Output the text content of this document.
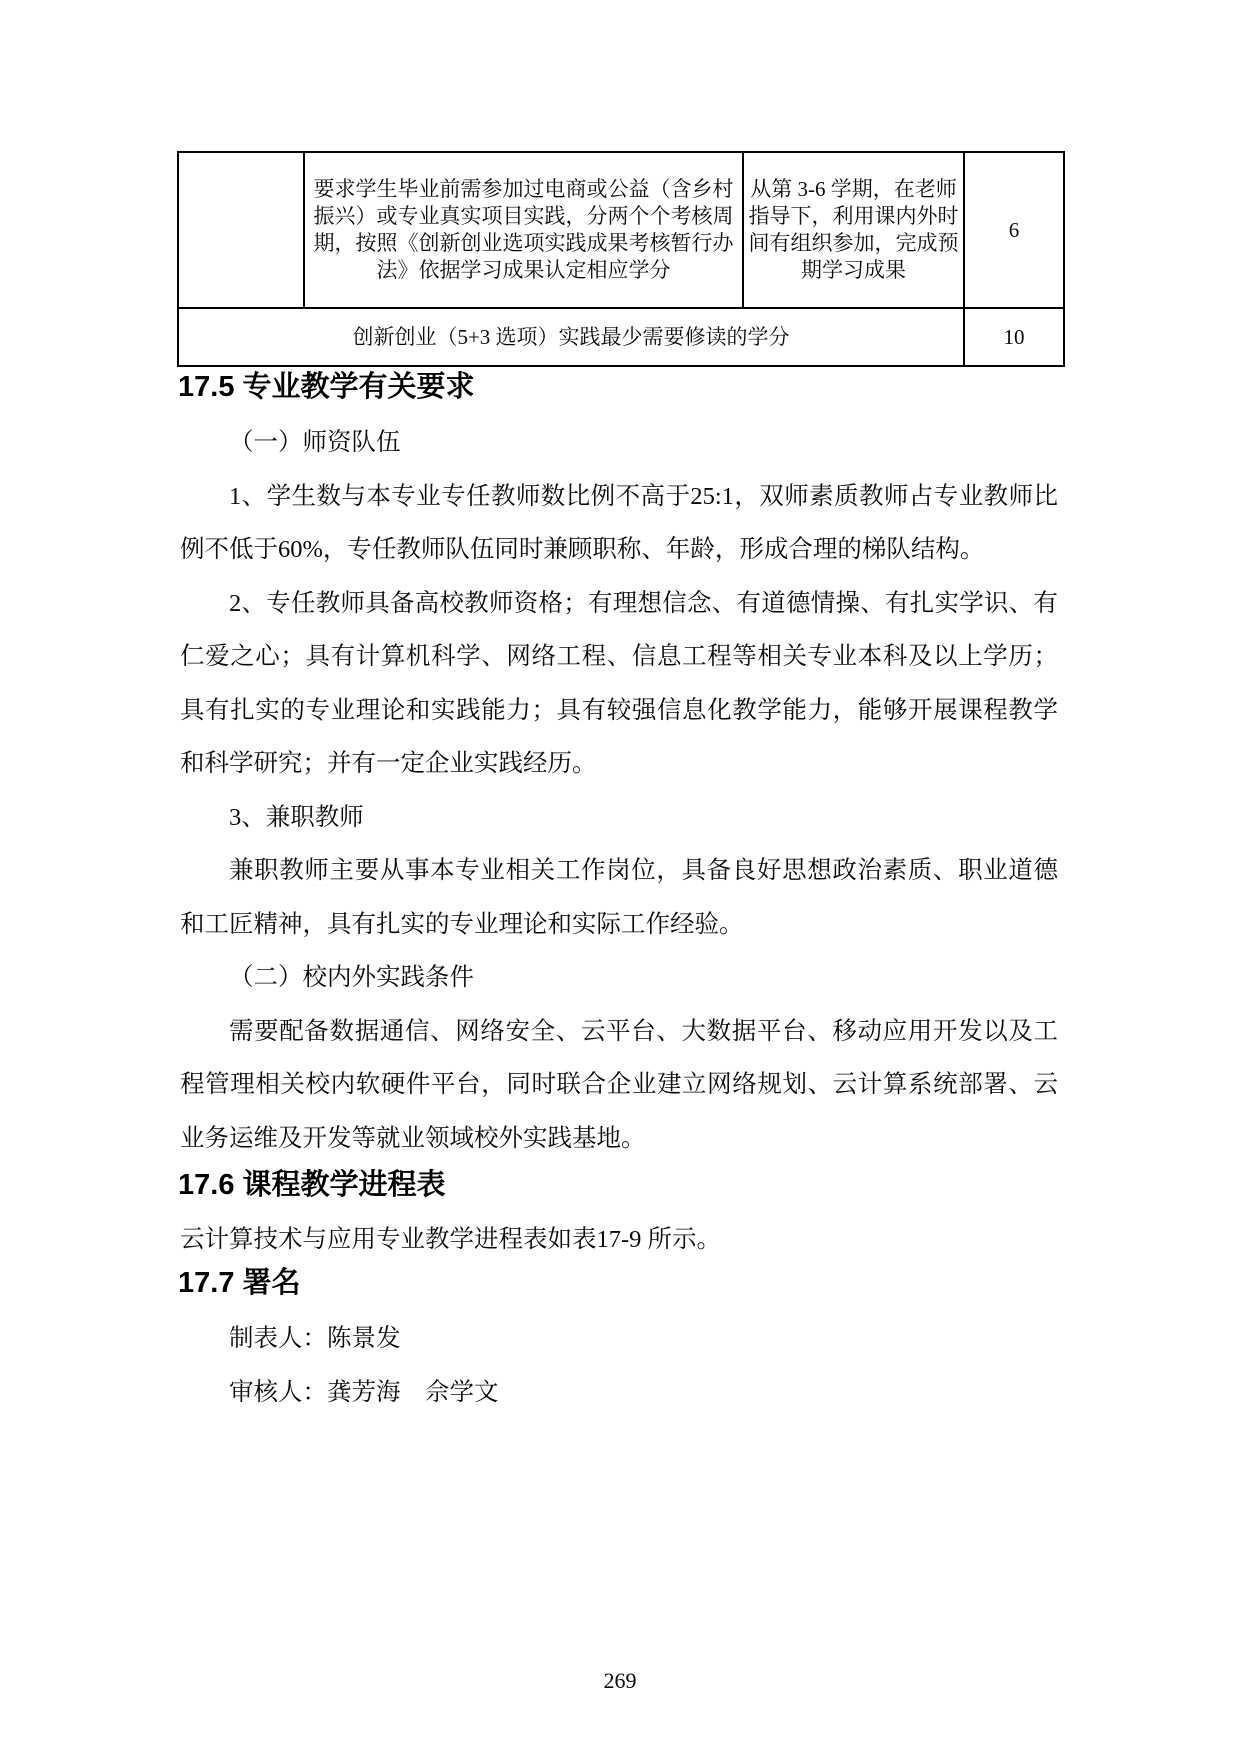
	要求学生毕业前需参加过电商或公益（含乡村振兴）或专业真实项目实践，分两个个考核周期，按照《创新创业选项实践成果考核暂行办法》依据学习成果认定相应学分	从第 3-6 学期，在老师指导下，利用课内外时间有组织参加，完成预期学习成果	6
创新创业（5+3 选项）实践最少需要修读的学分			10
17.5 专业教学有关要求

（一）师资队伍

1、学生数与本专业专任教师数比例不高于25:1，双师素质教师占专业教师比例不低于60%，专任教师队伍同时兼顾职称、年龄，形成合理的梯队结构。

2、专任教师具备高校教师资格；有理想信念、有道德情操、有扎实学识、有仁爱之心；具有计算机科学、网络工程、信息工程等相关专业本科及以上学历；具有扎实的专业理论和实践能力；具有较强信息化教学能力，能够开展课程教学和科学研究；并有一定企业实践经历。

3、兼职教师

兼职教师主要从事本专业相关工作岗位，具备良好思想政治素质、职业道德和工匠精神，具有扎实的专业理论和实际工作经验。

（二）校内外实践条件

需要配备数据通信、网络安全、云平台、大数据平台、移动应用开发以及工程管理相关校内软硬件平台，同时联合企业建立网络规划、云计算系统部署、云业务运维及开发等就业领域校外实践基地。

17.6 课程教学进程表

云计算技术与应用专业教学进程表如表17-9 所示。

17.7 署名

制表人：陈景发

审核人：龚芳海　佘学文

269
